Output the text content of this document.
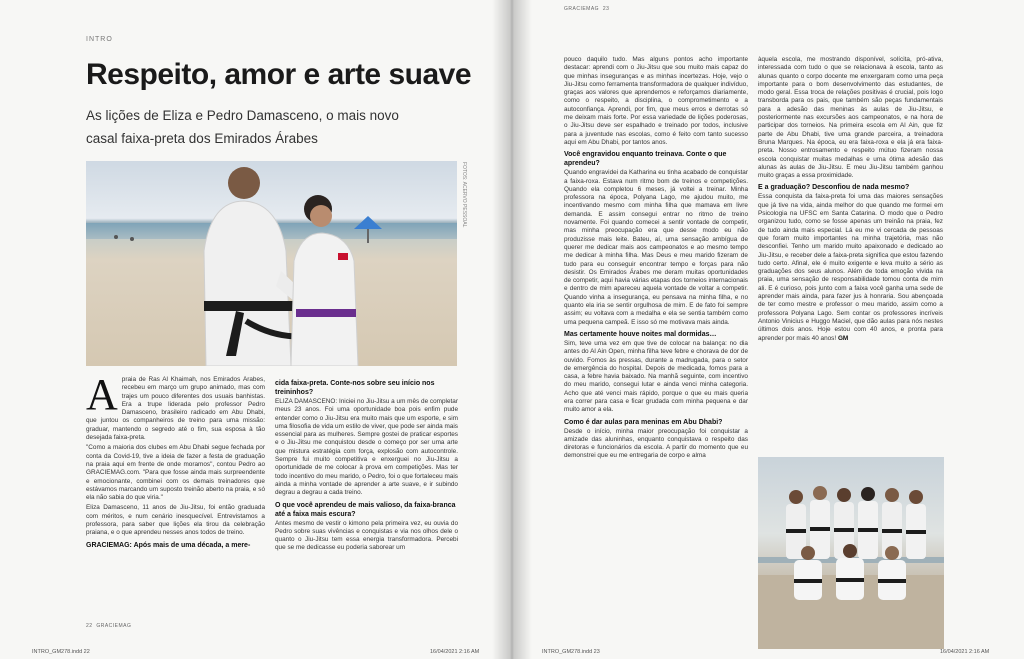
INTRO
Respeito, amor e arte suave
As lições de Eliza e Pedro Damasceno, o mais novo casal faixa-preta dos Emirados Árabes
FOTOS: ACERVO PESSOAL

A praia de Ras Al Khaimah, nos Emirados Árabes, recebeu em março um grupo animado, mas com trajes um pouco diferentes dos usuais banhistas. Era a trupe liderada pelo professor Pedro Damasceno, brasileiro radicado em Abu Dhabi, que juntou os companheiros de treino para uma missão: graduar, mantendo o segredo até o fim, sua esposa à tão desejada faixa-preta.

"Como a maioria dos clubes em Abu Dhabi segue fechada por conta da Covid-19, tive a ideia de fazer a festa de graduação na praia aqui em frente de onde moramos", contou Pedro ao GRACIEMAG.com. "Para que fosse ainda mais surpreendente e emocionante, combinei com os demais treinadores que estávamos marcando um suposto treinão aberto na praia, e só ela não sabia do que viria."

Eliza Damasceno, 11 anos de Jiu-Jitsu, foi então graduada com méritos, e num cenário inesquecível. Entrevistamos a professora, para saber que lições ela tirou da celebração praiana, e o que aprendeu nesses anos todos de treino.

GRACIEMAG: Após mais de uma década, a mere-
cida faixa-preta. Conte-nos sobre seu início nos treininhos?

ELIZA DAMASCENO: Iniciei no Jiu-Jitsu a um mês de completar meus 23 anos. Foi uma oportunidade boa pois enfim pude entender como o Jiu-Jitsu era muito mais que um esporte, e sim uma filosofia de vida um estilo de viver, que pode ser ainda mais essencial para as mulheres. Sempre gostei de praticar esportes e o Jiu-Jitsu me conquistou desde o começo por ser uma arte que mistura estratégia com força, explosão com autocontrole. Sempre fui muito competitiva e enxerguei no Jiu-Jitsu a oportunidade de me colocar à prova em competições. Mas ter todo incentivo do meu marido, o Pedro, foi o que fortaleceu mais ainda a minha vontade de aprender a arte suave, e ir subindo degrau a degrau a cada treino.

O que você aprendeu de mais valioso, da faixa-branca até a faixa mais escura?

Antes mesmo de vestir o kimono pela primeira vez, eu ouvia do Pedro sobre suas vivências e conquistas e via nos olhos dele o quanto o Jiu-Jitsu tem essa energia transformadora. Percebi que se me dedicasse eu poderia saborear um

22 GRACIEMAG
INTRO_GM278.indd 22	16/04/2021 2:16 AM

pouco daquilo tudo. Mas alguns pontos acho importante destacar: aprendi com o Jiu-Jitsu que sou muito mais capaz do que minhas inseguranças e as minhas incertezas. Hoje, vejo o Jiu-Jitsu como ferramenta transformadora de qualquer indivíduo, graças aos valores que aprendemos e reforçamos diariamente, como o respeito, a disciplina, o comprometimento e a autoconfiança. Aprendi, por fim, que meus erros e derrotas só me deixam mais forte. Por essa variedade de lições poderosas, o Jiu-Jitsu deve ser espalhado e treinado por todos, inclusive para a juventude nas escolas, como é feito com tanto sucesso aqui em Abu Dhabi, por tantos anos.

Você engravidou enquanto treinava. Conte o que aprendeu?

Quando engravidei da Katharina eu tinha acabado de conquistar a faixa-roxa. Estava num ritmo bom de treinos e competições. Quando ela completou 6 meses, já voltei a treinar. Minha professora na época, Polyana Lago, me ajudou muito, me incentivando mesmo com minha filha que mamava em livre demanda. E assim consegui entrar no ritmo de treino novamente. Foi quando comecei a sentir vontade de competir, mas minha preocupação era que desse modo eu não produzisse mais leite. Bateu, aí, uma sensação ambígua de querer me dedicar mais aos campeonatos e ao mesmo tempo me dedicar à minha filha. Mas Deus e meu marido fizeram de tudo para eu conseguir encontrar tempo e forças para não desistir. Os Emirados Árabes me deram muitas oportunidades de competir, aqui havia várias etapas dos torneios internacionais e dentro de mim apareceu aquela vontade de voltar a competir. Quando vinha a insegurança, eu pensava na minha filha, e no quanto ela iria se sentir orgulhosa de mim. E de fato foi sempre assim; eu voltava com a medalha e ela se sentia também como uma pequena campeã. E isso só me motivava mais ainda.

Mas certamente houve noites mal dormidas…

Sim, teve uma vez em que tive de colocar na balança: no dia antes do Al Ain Open, minha filha teve febre e chorava de dor de ouvido. Fomos às pressas, durante a madrugada, para o setor de emergência do hospital. Depois de medicada, fomos para a casa, a febre havia baixado. Na manhã seguinte, com incentivo do meu marido, consegui lutar e ainda venci minha categoria. Acho que até venci mais rápido, porque o que eu mais queria era correr para casa e ficar grudada com minha pequena e dar muito amor a ela.

Como é dar aulas para meninas em Abu Dhabi?

Desde o início, minha maior preocupação foi conquistar a amizade das aluninhas, enquanto conquistava o respeito das diretoras e funcionários da escola. A partir do momento que eu demonstrei que eu me entregaria de corpo e alma

àquela escola, me mostrando disponível, solícita, pró-ativa, interessada com tudo o que se relacionava à escola, tanto as alunas quanto o corpo docente me enxergaram como uma peça importante para o bom desenvolvimento das estudantes, de modo geral. Essa troca de relações positivas é crucial, pois logo transborda para os pais, que também são peças fundamentais para a adesão das meninas às aulas de Jiu-Jitsu, e posteriormente nas excursões aos campeonatos, e na hora de participar dos torneios. Na primeira escola em Al Ain, que fiz parte de Abu Dhabi, tive uma grande parceira, a treinadora Bruna Marques. Na época, eu era faixa-roxa e ela já era faixa-preta. Nosso entrosamento e respeito mútuo fizeram nossa escola conquistar muitas medalhas e uma ótima adesão das alunas às aulas de Jiu-Jitsu. E meu Jiu-Jitsu também ganhou muito graças a essa proximidade.

E a graduação? Desconfiou de nada mesmo?

Essa conquista da faixa-preta foi uma das maiores sensações que já tive na vida, ainda melhor do que quando me formei em Psicologia na UFSC em Santa Catarina. O modo que o Pedro organizou tudo, como se fosse apenas um treinão na praia, fez de tudo ainda mais especial. Lá eu me vi cercada de pessoas que foram muito importantes na minha trajetória, mas não desconfiei. Tenho um marido muito apaixonado e dedicado ao Jiu-Jitsu, e receber dele a faixa-preta significa que estou fazendo tudo certo. Afinal, ele é muito exigente e leva muito a sério as graduações dos seus alunos. Além de toda emoção vivida na praia, uma sensação de responsabilidade tomou conta de mim ali. E é curioso, pois junto com a faixa você ganha uma sede de aprender mais ainda, para fazer jus à honraria. Sou abençoada de ter como mestre e professor o meu marido, assim como a professora Polyana Lago. Sem contar os professores incríveis Antonio Vinicius e Huggo Maciel, que dão aulas para nós nestes últimos dois anos. Hoje estou com 40 anos, e pronta para aprender por mais 40 anos! GM

GRACIEMAG 23
INTRO_GM278.indd 23	16/04/2021 2:16 AM
